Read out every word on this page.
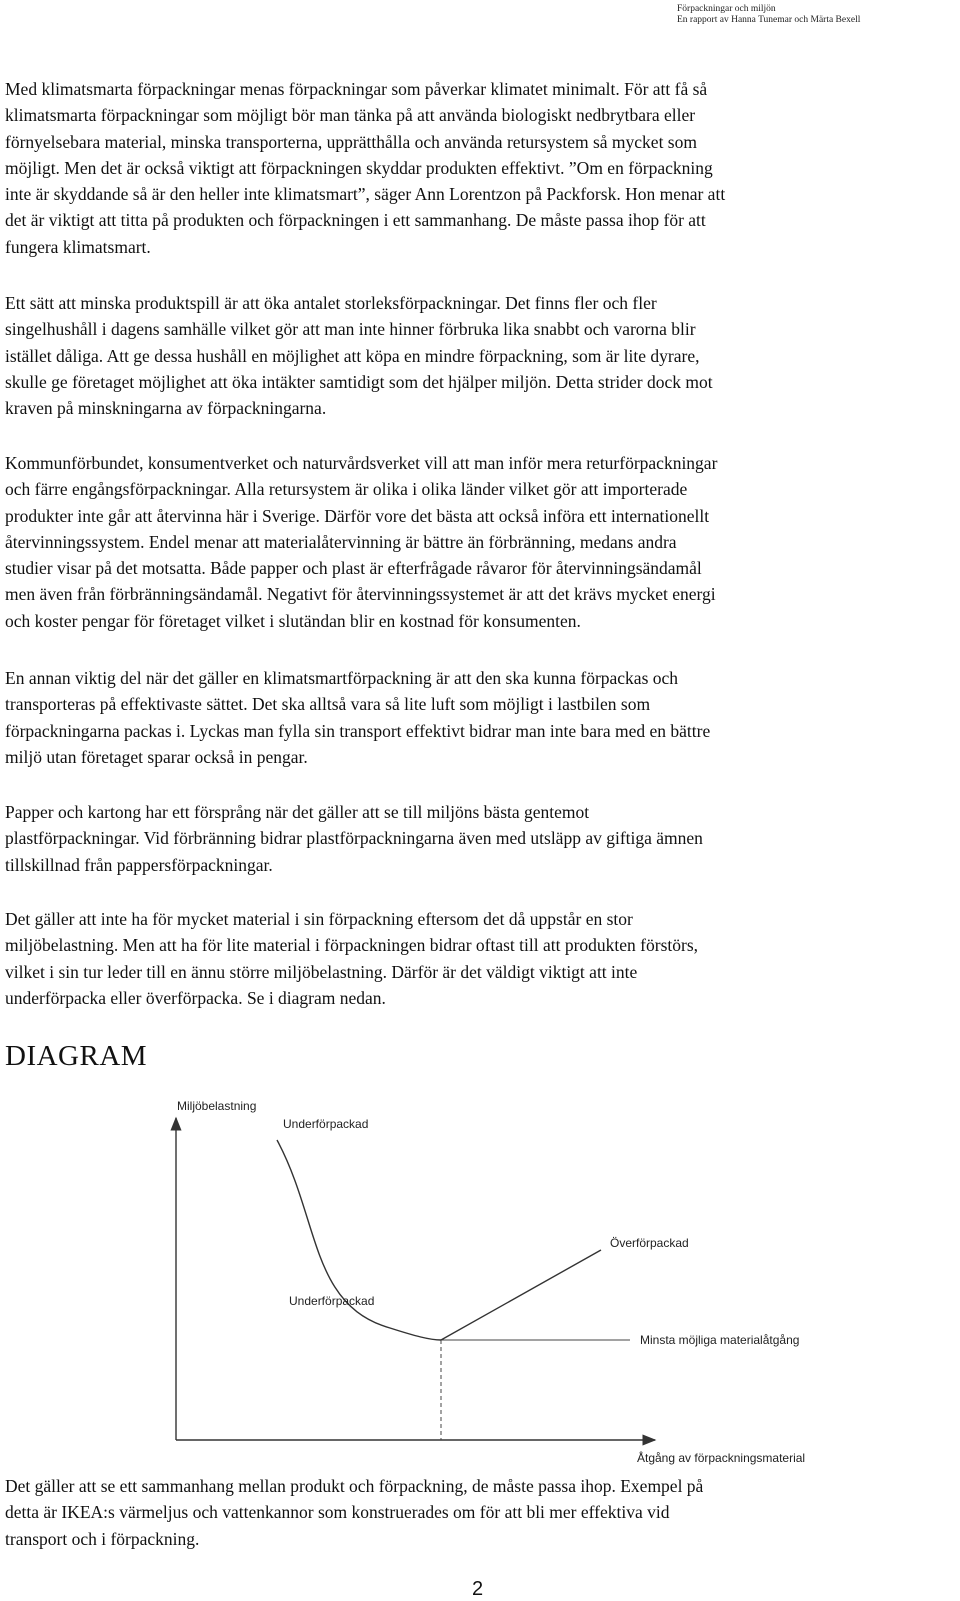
Förpackningar och miljön
En rapport av Hanna Tunemar och Märta Bexell

Med klimatsmarta förpackningar menas förpackningar som påverkar klimatet minimalt. För att få så
klimatsmarta förpackningar som möjligt bör man tänka på att använda biologiskt nedbrytbara eller
förnyelsebara material, minska transporterna, upprätthålla och använda retursystem så mycket som
möjligt. Men det är också viktigt att förpackningen skyddar produkten effektivt. ”Om en förpackning
inte är skyddande så är den heller inte klimatsmart”, säger Ann Lorentzon på Packforsk. Hon menar att
det är viktigt att titta på produkten och förpackningen i ett sammanhang. De måste passa ihop för att
fungera klimatsmart.

Ett sätt att minska produktspill är att öka antalet storleksförpackningar. Det finns fler och fler
singelhushåll i dagens samhälle vilket gör att man inte hinner förbruka lika snabbt och varorna blir
istället dåliga. Att ge dessa hushåll en möjlighet att köpa en mindre förpackning, som är lite dyrare,
skulle ge företaget möjlighet att öka intäkter samtidigt som det hjälper miljön. Detta strider dock mot
kraven på minskningarna av förpackningarna.

Kommunförbundet, konsumentverket och naturvårdsverket vill att man inför mera returförpackningar
och färre engångsförpackningar. Alla retursystem är olika i olika länder vilket gör att importerade
produkter inte går att återvinna här i Sverige. Därför vore det bästa att också införa ett internationellt
återvinningssystem. Endel menar att materialåtervinning är bättre än förbränning, medans andra
studier visar på det motsatta. Både papper och plast är efterfrågade råvaror för återvinningsändamål
men även från förbränningsändamål. Negativt för återvinningssystemet är att det krävs mycket energi
och koster pengar för företaget vilket i slutändan blir en kostnad för konsumenten.

En annan viktig del när det gäller en klimatsmartförpackning är att den ska kunna förpackas och
transporteras på effektivaste sättet. Det ska alltså vara så lite luft som möjligt i lastbilen som
förpackningarna packas i. Lyckas man fylla sin transport effektivt bidrar man inte bara med en bättre
miljö utan företaget sparar också in pengar.

Papper och kartong har ett försprång när det gäller att se till miljöns bästa gentemot
plastförpackningar. Vid förbränning bidrar plastförpackningarna även med utsläpp av giftiga ämnen
tillskillnad från pappersförpackningar.

Det gäller att inte ha för mycket material i sin förpackning eftersom det då uppstår en stor
miljöbelastning. Men att ha för lite material i förpackningen bidrar oftast till att produkten förstörs,
vilket i sin tur leder till en ännu större miljöbelastning. Därför är det väldigt viktigt att inte
underförpacka eller överförpacka. Se i diagram nedan.

DIAGRAM
Miljöbelastning
Underförpackad
Underförpackad
Överförpackad
Minsta möjliga materialåtgång
Åtgång av förpackningsmaterial

Det gäller att se ett sammanhang mellan produkt och förpackning, de måste passa ihop. Exempel på
detta är IKEA:s värmeljus och vattenkannor som konstruerades om för att bli mer effektiva vid
transport och i förpackning.

2
